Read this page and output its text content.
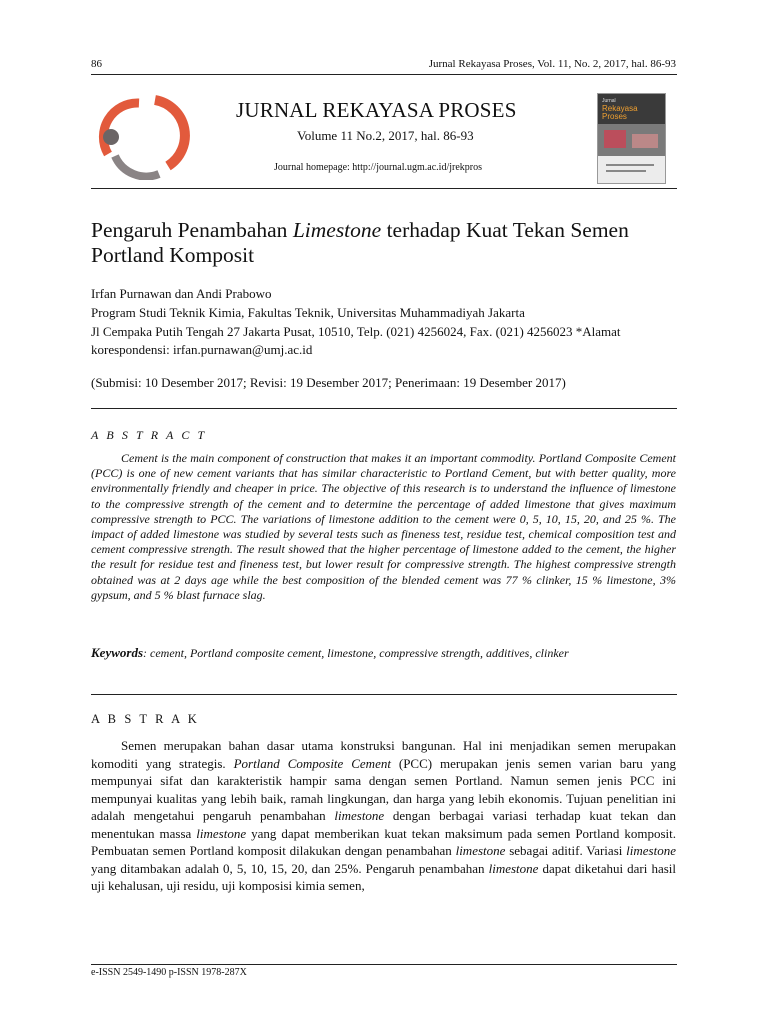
86	Jurnal Rekayasa Proses, Vol. 11, No. 2, 2017, hal. 86-93
JURNAL REKAYASA PROSES
Volume 11 No.2, 2017, hal. 86-93
Journal homepage: http://journal.ugm.ac.id/jrekpros
Jurnal
Rekayasa
Proses
Pengaruh Penambahan Limestone terhadap Kuat Tekan Semen Portland Komposit
Irfan Purnawan dan Andi Prabowo
Program Studi Teknik Kimia, Fakultas Teknik, Universitas Muhammadiyah Jakarta
Jl Cempaka Putih Tengah 27 Jakarta Pusat, 10510, Telp. (021) 4256024, Fax. (021) 4256023 *Alamat korespondensi: irfan.purnawan@umj.ac.id
(Submisi: 10 Desember 2017; Revisi: 19 Desember 2017; Penerimaan: 19 Desember 2017)
A B S T R A C T
Cement is the main component of construction that makes it an important commodity. Portland Composite Cement (PCC) is one of new cement variants that has similar characteristic to Portland Cement, but with better quality, more environmentally friendly and cheaper in price. The objective of this research is to understand the influence of limestone to the compressive strength of the cement and to determine the percentage of added limestone that gives maximum compressive strength to PCC. The variations of limestone addition to the cement were 0, 5, 10, 15, 20, and 25 %. The impact of added limestone was studied by several tests such as fineness test, residue test, chemical composition test and cement compressive strength. The result showed that the higher percentage of limestone added to the cement, the higher the result for residue test and fineness test, but lower result for compressive strength. The highest compressive strength obtained was at 2 days age while the best composition of the blended cement was 77 % clinker, 15 % limestone, 3% gypsum, and 5 % blast furnace slag.
Keywords: cement, Portland composite cement, limestone, compressive strength, additives, clinker
A B S T R A K
Semen merupakan bahan dasar utama konstruksi bangunan. Hal ini menjadikan semen merupakan komoditi yang strategis. Portland Composite Cement (PCC) merupakan jenis semen varian baru yang mempunyai sifat dan karakteristik hampir sama dengan semen Portland. Namun semen jenis PCC ini mempunyai kualitas yang lebih baik, ramah lingkungan, dan harga yang lebih ekonomis. Tujuan penelitian ini adalah mengetahui pengaruh penambahan limestone dengan berbagai variasi terhadap kuat tekan dan menentukan massa limestone yang dapat memberikan kuat tekan maksimum pada semen Portland komposit. Pembuatan semen Portland komposit dilakukan dengan penambahan limestone sebagai aditif. Variasi limestone yang ditambakan adalah 0, 5, 10, 15, 20, dan 25%. Pengaruh penambahan limestone dapat diketahui dari hasil uji kehalusan, uji residu, uji komposisi kimia semen,
e-ISSN 2549-1490 p-ISSN 1978-287X
